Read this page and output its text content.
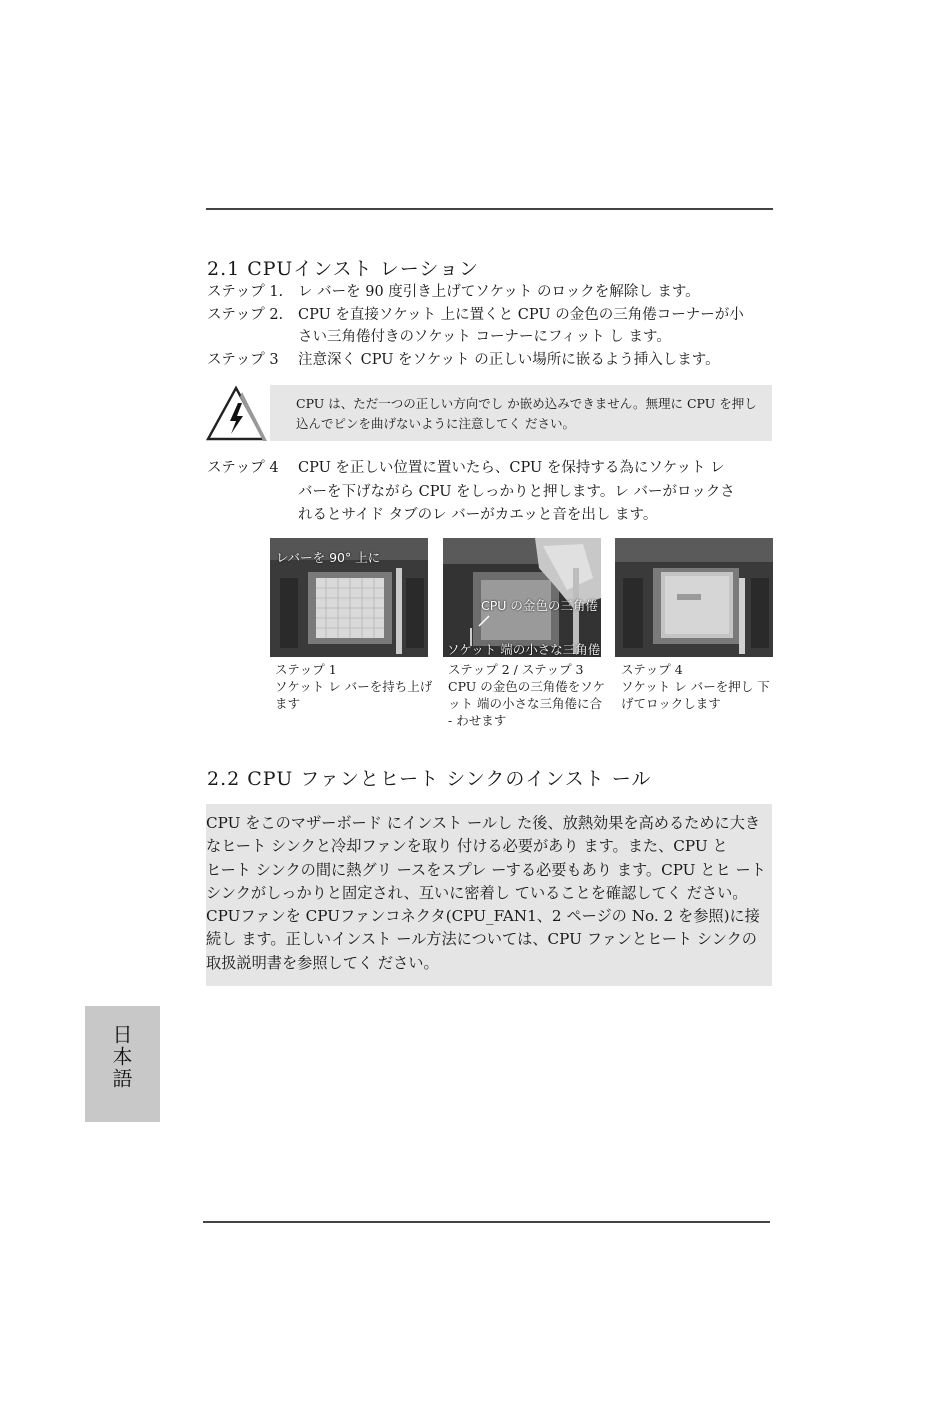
2.1 CPUインスト レーション
ステップ 1.	レ バーを 90 度引き上げてソケット のロックを解除し ます。
ステップ 2.	CPU を直接ソケット 上に置くと CPU の金色の三角倦コーナーが小
さい三角倦付きのソケット コーナーにフィット し ます。
ステップ 3	注意深く CPU をソケット の正しい場所に嵌るよう挿入します。
CPU は、ただ一つの正しい方向でし か嵌め込みできません。無理に CPU を押し
込んでピンを曲げないように注意してく ださい。
ステップ 4	CPU を正しい位置に置いたら、CPU を保持する為にソケット レ
バーを下げながら CPU をしっかりと押します。レ バーがロックさ
れるとサイド タブのレ バーがカエッと音を出し ます。
レバーを 90° 上に
CPU の金色の三角倦
ソケット 端の小さな三角倦
ステップ 1
ソケット レ バーを持ち上げ
ます
ステップ 2 / ステップ 3
CPU の金色の三角倦をソケ
ット 端の小さな三角倦に合
- わせます
ステップ 4
ソケット レ バーを押し 下
げてロックします
2.2 CPU ファンとヒート シンクのインスト ール
CPU をこのマザーボード にインスト ールし た後、放熱効果を高めるために大き
なヒート シンクと冷却ファンを取り 付ける必要があり ます。また、CPU と
ヒート シンクの間に熱グリ ースをスプレ ーする必要もあり ます。CPU とヒ ート
シンクがしっかりと固定され、互いに密着し ていることを確認してく ださい。
CPUファンを CPUファンコネクタ(CPU_FAN1、2 ページの No. 2 を参照)に接
続し ます。正しいインスト ール方法については、CPU ファンとヒート シンクの
取扱説明書を参照してく ださい。
日本語
